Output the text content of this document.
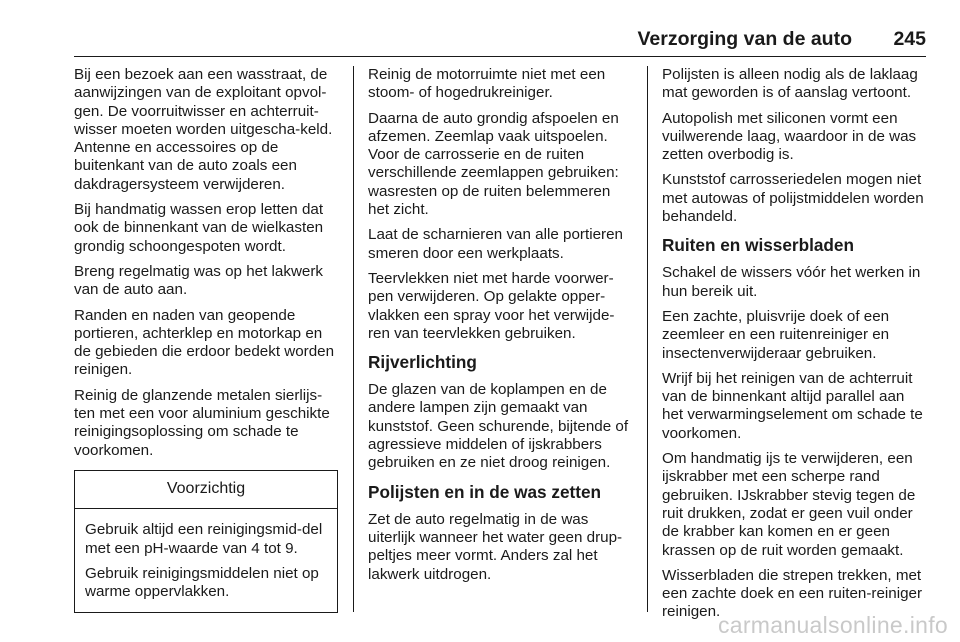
Verzorging van de auto 245

Bij een bezoek aan een wasstraat, de aanwijzingen van de exploitant opvol-gen. De voorruitwisser en achterruit-wisser moeten worden uitgescha-keld. Antenne en accessoires op de buitenkant van de auto zoals een dakdragersysteem verwijderen.

Bij handmatig wassen erop letten dat ook de binnenkant van de wielkasten grondig schoongespoten wordt.

Breng regelmatig was op het lakwerk van de auto aan.

Randen en naden van geopende portieren, achterklep en motorkap en de gebieden die erdoor bedekt worden reinigen.

Reinig de glanzende metalen sierlijs-ten met een voor aluminium geschikte reinigingsoplossing om schade te voorkomen.

Voorzichtig

Gebruik altijd een reinigingsmid-del met een pH-waarde van 4 tot 9.

Gebruik reinigingsmiddelen niet op warme oppervlakken.

Reinig de motorruimte niet met een stoom- of hogedrukreiniger.

Daarna de auto grondig afspoelen en afzemen. Zeemlap vaak uitspoelen. Voor de carrosserie en de ruiten verschillende zeemlappen gebruiken: wasresten op de ruiten belemmeren het zicht.

Laat de scharnieren van alle portieren smeren door een werkplaats.

Teervlekken niet met harde voorwer-pen verwijderen. Op gelakte opper-vlakken een spray voor het verwijde-ren van teervlekken gebruiken.

Rijverlichting

De glazen van de koplampen en de andere lampen zijn gemaakt van kunststof. Geen schurende, bijtende of agressieve middelen of ijskrabbers gebruiken en ze niet droog reinigen.

Polijsten en in de was zetten

Zet de auto regelmatig in de was uiterlijk wanneer het water geen drup-peltjes meer vormt. Anders zal het lakwerk uitdrogen.

Polijsten is alleen nodig als de laklaag mat geworden is of aanslag vertoont.

Autopolish met siliconen vormt een vuilwerende laag, waardoor in de was zetten overbodig is.

Kunststof carrosseriedelen mogen niet met autowas of polijstmiddelen worden behandeld.

Ruiten en wisserbladen

Schakel de wissers vóór het werken in hun bereik uit.

Een zachte, pluisvrije doek of een zeemleer en een ruitenreiniger en insectenverwijderaar gebruiken.

Wrijf bij het reinigen van de achterruit van de binnenkant altijd parallel aan het verwarmingselement om schade te voorkomen.

Om handmatig ijs te verwijderen, een ijskrabber met een scherpe rand gebruiken. IJskrabber stevig tegen de ruit drukken, zodat er geen vuil onder de krabber kan komen en er geen krassen op de ruit worden gemaakt.

Wisserbladen die strepen trekken, met een zachte doek en een ruiten-reiniger reinigen.

carmanualsonline.info
